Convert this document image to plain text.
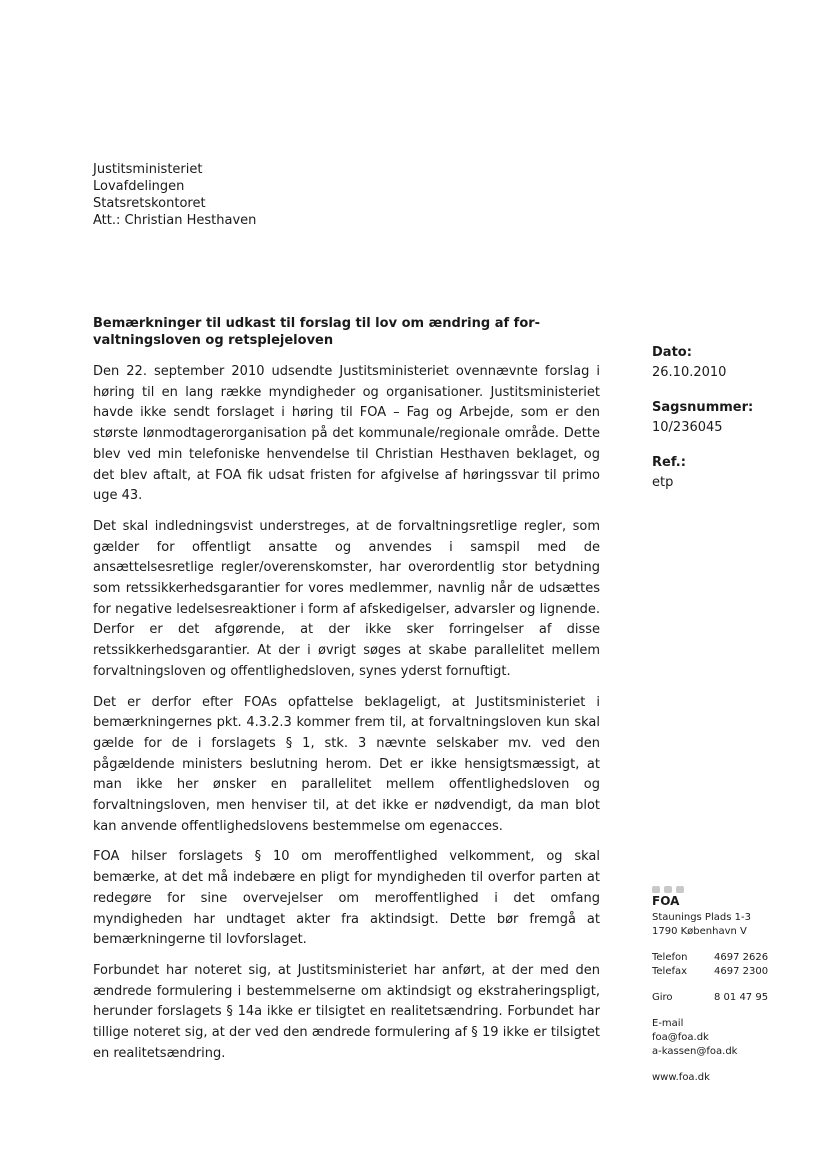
Justitsministeriet
Lovafdelingen
Statsretskontoret
Att.: Christian Hesthaven
Bemærkninger til udkast til forslag til lov om ændring af for-
valtningsloven og retsplejeloven

Den 22. september 2010 udsendte Justitsministeriet ovennævnte forslag i høring til en lang række myndigheder og organisationer. Justitsministeriet havde ikke sendt forslaget i høring til FOA – Fag og Arbejde, som er den største lønmodtagerorganisation på det kommunale/regionale område. Dette blev ved min telefoniske henvendelse til Christian Hesthaven beklaget, og det blev aftalt, at FOA fik udsat fristen for afgivelse af høringssvar til primo uge 43.

Det skal indledningsvist understreges, at de forvaltningsretlige regler, som gælder for offentligt ansatte og anvendes i samspil med de ansættelsesretlige regler/overenskomster, har overordentlig stor betydning som retssikkerhedsgarantier for vores medlemmer, navnlig når de udsættes for negative ledelsesreaktioner i form af afskedigelser, advarsler og lignende. Derfor er det afgørende, at der ikke sker forringelser af disse retssikkerhedsgarantier. At der i øvrigt søges at skabe parallelitet mellem forvaltningsloven og offentlighedsloven, synes yderst fornuftigt.

Det er derfor efter FOAs opfattelse beklageligt, at Justitsministeriet i bemærkningernes pkt. 4.3.2.3 kommer frem til, at forvaltningsloven kun skal gælde for de i forslagets § 1, stk. 3 nævnte selskaber mv. ved den pågældende ministers beslutning herom. Det er ikke hensigtsmæssigt, at man ikke her ønsker en parallelitet mellem offentlighedsloven og forvaltningsloven, men henviser til, at det ikke er nødvendigt, da man blot kan anvende offentlighedslovens bestemmelse om egenacces.

FOA hilser forslagets § 10 om meroffentlighed velkomment, og skal bemærke, at det må indebære en pligt for myndigheden til overfor parten at redegøre for sine overvejelser om meroffentlighed i det omfang myndigheden har undtaget akter fra aktindsigt. Dette bør fremgå at bemærkningerne til lovforslaget.

Forbundet har noteret sig, at Justitsministeriet har anført, at der med den ændrede formulering i bestemmelserne om aktindsigt og ekstraheringspligt, herunder forslagets § 14a ikke er tilsigtet en realitetsændring. Forbundet har tillige noteret sig, at der ved den ændrede formulering af § 19 ikke er tilsigtet en realitetsændring.

Dato:
26.10.2010
Sagsnummer:
10/236045
Ref.:
etp
FOA
Staunings Plads 1-3
1790 København V
Telefon	4697 2626
Telefax	4697 2300
Giro	8 01 47 95
E-mail
foa@foa.dk
a-kassen@foa.dk
www.foa.dk
